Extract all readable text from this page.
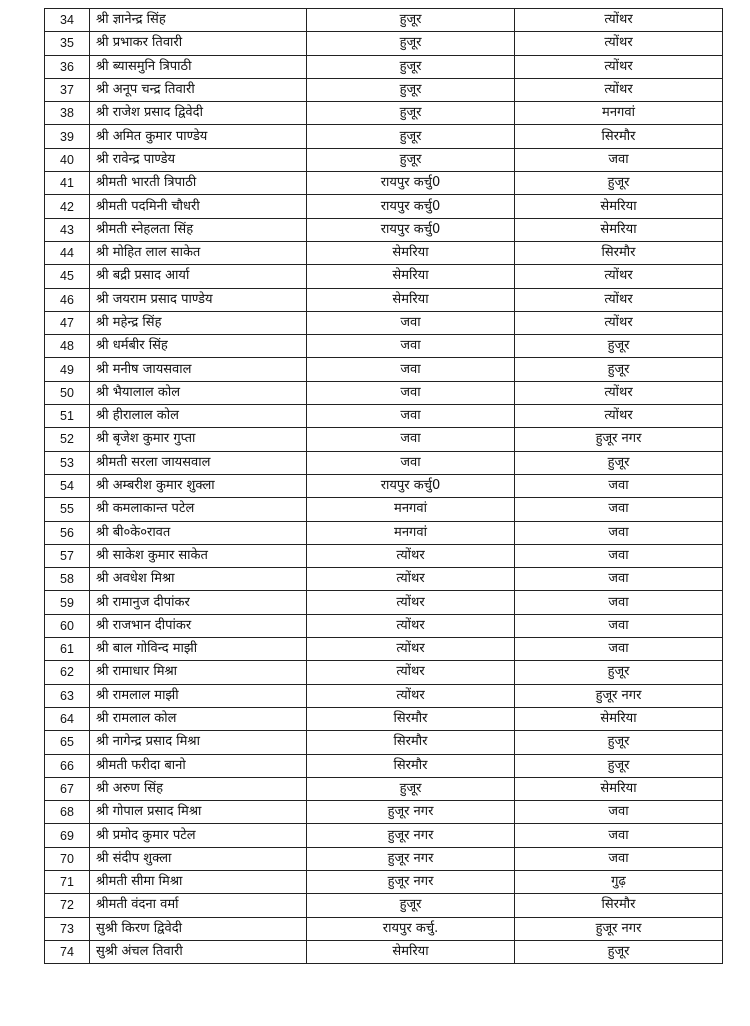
34	श्री ज्ञानेन्द्र सिंह	हुजूर	त्योंथर
35	श्री प्रभाकर तिवारी	हुजूर	त्योंथर
36	श्री ब्यासमुनि त्रिपाठी	हुजूर	त्योंथर
37	श्री अनूप चन्द्र तिवारी	हुजूर	त्योंथर
38	श्री राजेश प्रसाद द्विवेदी	हुजूर	मनगवां
39	श्री अमित कुमार पाण्डेय	हुजूर	सिरमौर
40	श्री रावेन्द्र पाण्डेय	हुजूर	जवा
41	श्रीमती भारती त्रिपाठी	रायपुर कर्चु0	हुजूर
42	श्रीमती पदमिनी चौधरी	रायपुर कर्चु0	सेमरिया
43	श्रीमती स्नेहलता सिंह	रायपुर कर्चु0	सेमरिया
44	श्री मोहित लाल साकेत	सेमरिया	सिरमौर
45	श्री बद्री प्रसाद आर्या	सेमरिया	त्योंथर
46	श्री जयराम प्रसाद पाण्डेय	सेमरिया	त्योंथर
47	श्री महेन्द्र सिंह	जवा	त्योंथर
48	श्री धर्मबीर सिंह	जवा	हुजूर
49	श्री मनीष जायसवाल	जवा	हुजूर
50	श्री भैयालाल कोल	जवा	त्योंथर
51	श्री हीरालाल कोल	जवा	त्योंथर
52	श्री बृजेश कुमार गुप्ता	जवा	हुजूर नगर
53	श्रीमती सरला जायसवाल	जवा	हुजूर
54	श्री अम्बरीश कुमार शुक्ला	रायपुर कर्चु0	जवा
55	श्री कमलाकान्त पटेल	मनगवां	जवा
56	श्री बी०के०रावत	मनगवां	जवा
57	श्री साकेश कुमार साकेत	त्योंथर	जवा
58	श्री अवधेश मिश्रा	त्योंथर	जवा
59	श्री रामानुज दीपांकर	त्योंथर	जवा
60	श्री राजभान दीपांकर	त्योंथर	जवा
61	श्री बाल गोविन्द माझी	त्योंथर	जवा
62	श्री रामाधार मिश्रा	त्योंथर	हुजूर
63	श्री रामलाल माझी	त्योंथर	हुजूर नगर
64	श्री रामलाल कोल	सिरमौर	सेमरिया
65	श्री नागेन्द्र प्रसाद मिश्रा	सिरमौर	हुजूर
66	श्रीमती फरीदा बानो	सिरमौर	हुजूर
67	श्री अरुण सिंह	हुजूर	सेमरिया
68	श्री गोपाल प्रसाद मिश्रा	हुजूर नगर	जवा
69	श्री प्रमोद कुमार पटेल	हुजूर नगर	जवा
70	श्री संदीप शुक्ला	हुजूर नगर	जवा
71	श्रीमती सीमा मिश्रा	हुजूर नगर	गुढ़
72	श्रीमती वंदना वर्मा	हुजूर	सिरमौर
73	सुश्री किरण द्विवेदी	रायपुर कर्चु.	हुजूर नगर
74	सुश्री अंचल तिवारी	सेमरिया	हुजूर
